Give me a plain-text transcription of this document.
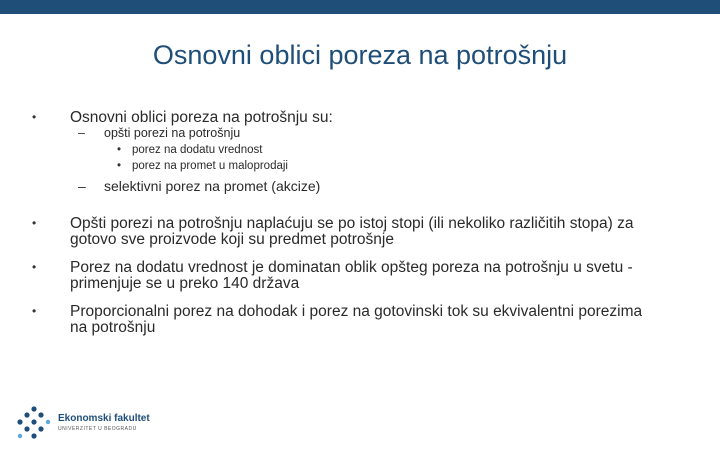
Osnovni oblici poreza na potrošnju
• Osnovni oblici poreza na potrošnju su:
– opšti porezi na potrošnju
• porez na dodatu vrednost
• porez na promet u maloprodaji
– selektivni porez na promet (akcize)
• Opšti porezi na potrošnju naplaćuju se po istoj stopi (ili nekoliko različitih stopa) za
gotovo sve proizvode koji su predmet potrošnje
• Porez na dodatu vrednost je dominatan oblik opšteg poreza na potrošnju u svetu -
primenjuje se u preko 140 država
• Proporcionalni porez na dohodak i porez na gotovinski tok su ekvivalentni porezima
na potrošnju
Ekonomski fakultet
UNIVERZITET U BEOGRADU
